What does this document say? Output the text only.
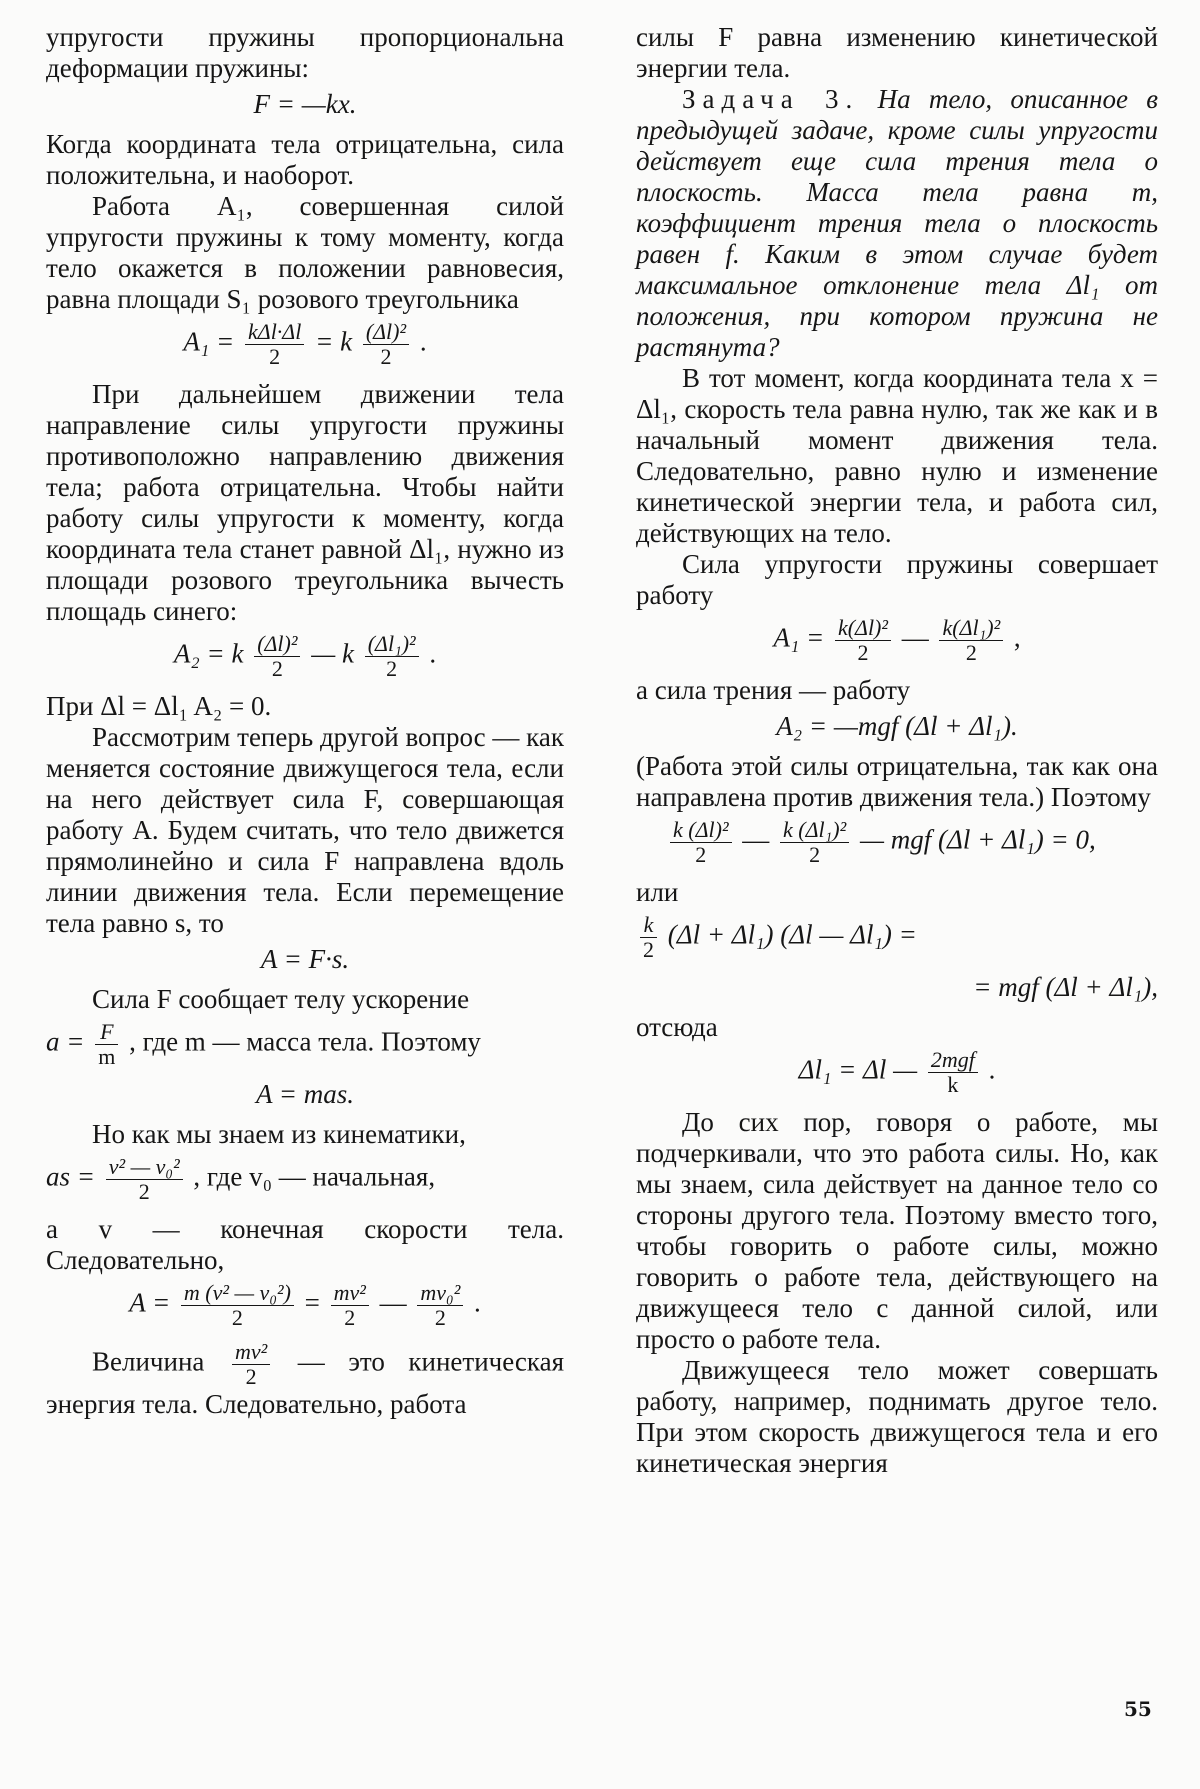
упругости пружины пропорциональна деформации пружины:

F = —kx.

Когда координата тела отрицательна, сила положительна, и наоборот.

Работа A₁, совершенная силой упругости пружины к тому моменту, когда тело окажется в положении равновесия, равна площади S₁ розового треугольника

$A_1 = \frac{\text{kΔl·Δl}}{2} = k \frac{\text{(Δl)²}}{2}$ .

При дальнейшем движении тела направление силы упругости пружины противоположно направлению движения тела; работа отрицательна. Чтобы найти работу силы упругости к моменту, когда координата тела станет равной Δl₁, нужно из площади розового треугольника вычесть площадь синего:

A₂ = k $\frac{\text{(Δl)²}}{2}$ — k $\frac{\text{(Δl₁)²}}{2}$ .

При Δl = Δl₁ A₂ = 0.

Рассмотрим теперь другой вопрос — как меняется состояние движущегося тела, если на него действует сила F, совершающая работу A. Будем считать, что тело движется прямолинейно и сила F направлена вдоль линии движения тела. Если перемещение тела равно s, то

A = F·s.

Сила F сообщает телу ускорение

$a = \frac{F}{m}$ , где m — масса тела. Поэтому
A = mas.

Но как мы знаем из кинематики,

as = $\frac{\text{v² — v₀²}}{2}$ , где v₀ — начальная,

а v — конечная скорости тела. Следовательно,

$A = \frac{\text{m (v² — v₀²)}}{2} = \frac{\text{mv²}}{2}$ — $\frac{\text{mv₀²}}{2}$ .

Величина $\frac{\text{mv²}}{2}$ — это кинетическая энергия тела. Следовательно, работа

силы F равна изменению кинетической энергии тела.

Задача 3. На тело, описанное в предыдущей задаче, кроме силы упругости действует еще сила трения тела о плоскость. Масса тела равна m, коэффициент трения тела о плоскость равен f. Каким в этом случае будет максимальное отклонение тела Δl₁ от положения, при котором пружина не растянута?

В тот момент, когда координата тела x = Δl₁, скорость тела равна нулю, так же как и в начальный момент движения тела. Следовательно, равно нулю и изменение кинетической энергии тела, и работа сил, действующих на тело.

Сила упругости пружины совершает работу

$A_1 = \frac{\text{k(Δl)²}}{2}$ — $\frac{\text{k(Δl₁)²}}{2}$ ,

а сила трения — работу

A₂ = —mgf (Δl + Δl₁).

(Работа этой силы отрицательна, так как она направлена против движения тела.) Поэтому

$\frac{\text{k (Δl)²}}{2}$ — $\frac{\text{k (Δl₁)²}}{2}$ — mgf (Δl + Δl₁) = 0,

или

$\frac{k}{2} (\Delta l + \Delta l_1)$ (Δl — Δl₁) =
= mgf (Δl + Δl₁),

отсюда

Δl₁ = Δl — $\frac{\text{2mgf}}{k}$ .

До сих пор, говоря о работе, мы подчеркивали, что это работа силы. Но, как мы знаем, сила действует на данное тело со стороны другого тела. Поэтому вместо того, чтобы говорить о работе силы, можно говорить о работе тела, действующего на движущееся тело с данной силой, или просто о работе тела.

Движущееся тело может совершать работу, например, поднимать другое тело. При этом скорость движущегося тела и его кинетическая энергия

55
